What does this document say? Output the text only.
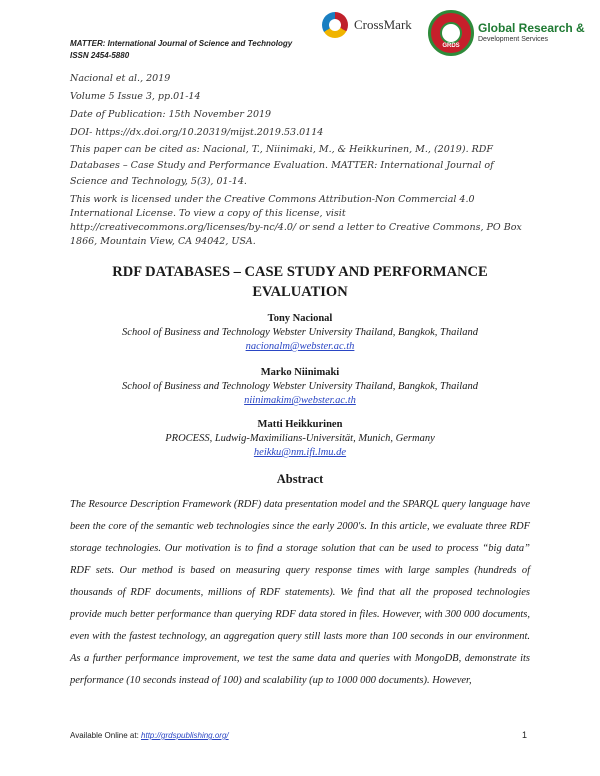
MATTER: International Journal of Science and Technology
ISSN 2454-5880
CrossMark
GRDS
Global Research &
Development Services
Nacional et al., 2019
Volume 5 Issue 3, pp.01-14
Date of Publication: 15th November 2019
DOI- https://dx.doi.org/10.20319/mijst.2019.53.0114
This paper can be cited as: Nacional, T., Niinimaki, M., & Heikkurinen, M., (2019). RDF Databases – Case Study and Performance Evaluation. MATTER: International Journal of Science and Technology, 5(3), 01-14.
This work is licensed under the Creative Commons Attribution-Non Commercial 4.0 International License. To view a copy of this license, visit http://creativecommons.org/licenses/by-nc/4.0/ or send a letter to Creative Commons, PO Box 1866, Mountain View, CA 94042, USA.
RDF DATABASES – CASE STUDY AND PERFORMANCE EVALUATION
Tony Nacional
School of Business and Technology Webster University Thailand, Bangkok, Thailand
nacionalm@webster.ac.th
Marko Niinimaki
School of Business and Technology Webster University Thailand, Bangkok, Thailand
niinimakim@webster.ac.th
Matti Heikkurinen
PROCESS, Ludwig-Maximilians-Universität, Munich, Germany
heikku@nm.ifi.lmu.de
Abstract
The Resource Description Framework (RDF) data presentation model and the SPARQL query language have been the core of the semantic web technologies since the early 2000's. In this article, we evaluate three RDF storage technologies. Our motivation is to find a storage solution that can be used to process “big data” RDF sets. Our method is based on measuring query response times with large samples (hundreds of thousands of RDF documents, millions of RDF statements). We find that all the proposed technologies provide much better performance than querying RDF data stored in files. However, with 300 000 documents, even with the fastest technology, an aggregation query still lasts more than 100 seconds in our environment. As a further performance improvement, we test the same data and queries with MongoDB, demonstrate its performance (10 seconds instead of 100) and scalability (up to 1000 000 documents). However,
Available Online at: http://grdspublishing.org/	1
